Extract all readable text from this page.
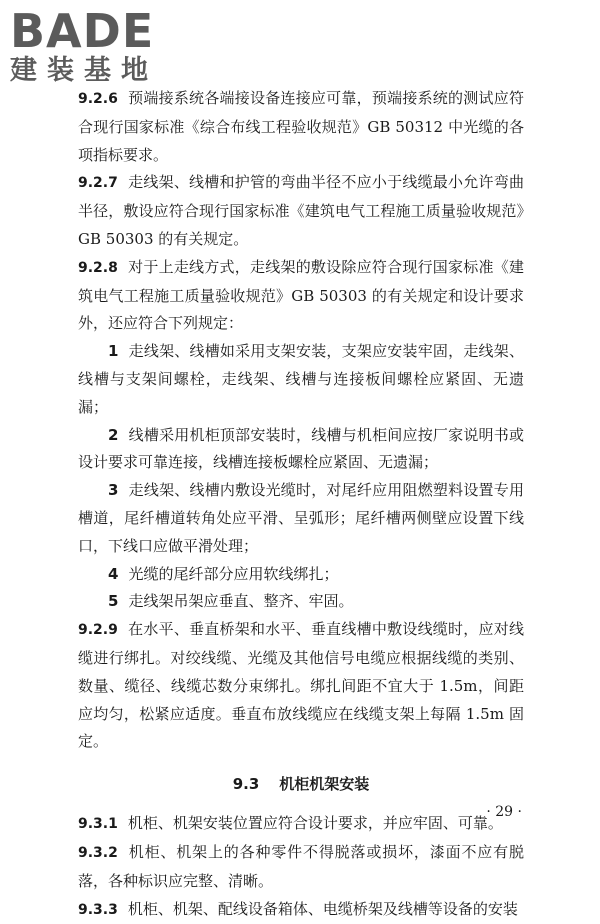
BADE
建装基地

9.2.6 预端接系统各端接设备连接应可靠，预端接系统的测试应符合现行国家标准《综合布线工程验收规范》GB 50312 中光缆的各项指标要求。

9.2.7 走线架、线槽和护管的弯曲半径不应小于线缆最小允许弯曲半径，敷设应符合现行国家标准《建筑电气工程施工质量验收规范》GB 50303 的有关规定。

9.2.8 对于上走线方式，走线架的敷设除应符合现行国家标准《建筑电气工程施工质量验收规范》GB 50303 的有关规定和设计要求外，还应符合下列规定：

1 走线架、线槽如采用支架安装，支架应安装牢固，走线架、线槽与支架间螺栓，走线架、线槽与连接板间螺栓应紧固、无遗漏；

2 线槽采用机柜顶部安装时，线槽与机柜间应按厂家说明书或设计要求可靠连接，线槽连接板螺栓应紧固、无遗漏；

3 走线架、线槽内敷设光缆时，对尾纤应用阻燃塑料设置专用槽道，尾纤槽道转角处应平滑、呈弧形；尾纤槽两侧壁应设置下线口，下线口应做平滑处理；

4 光缆的尾纤部分应用软线绑扎；

5 走线架吊架应垂直、整齐、牢固。

9.2.9 在水平、垂直桥架和水平、垂直线槽中敷设线缆时，应对线缆进行绑扎。对绞线缆、光缆及其他信号电缆应根据线缆的类别、数量、缆径、线缆芯数分束绑扎。绑扎间距不宜大于 1.5m，间距应均匀，松紧应适度。垂直布放线缆应在线缆支架上每隔 1.5m 固定。

9.3 机柜机架安装

9.3.1 机柜、机架安装位置应符合设计要求，并应牢固、可靠。

9.3.2 机柜、机架上的各种零件不得脱落或损坏，漆面不应有脱落，各种标识应完整、清晰。

9.3.3 机柜、机架、配线设备箱体、电缆桥架及线槽等设备的安装

· 29 ·
